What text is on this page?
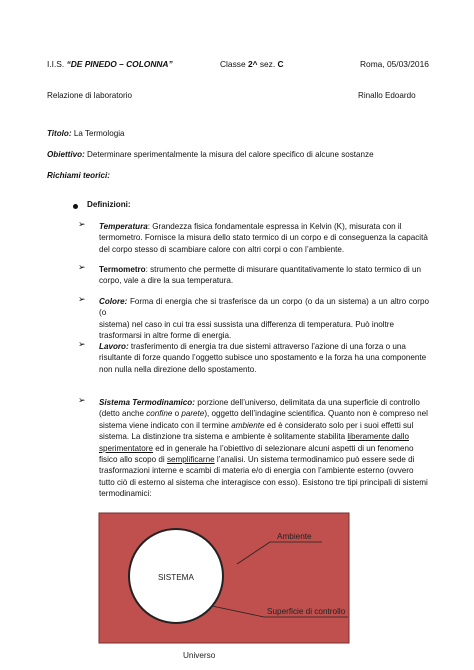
I.I.S. “DE PINEDO – COLONNA”	Classe 2^ sez. C	Roma, 05/03/2016
Relazione di laboratorio	Rinallo Edoardo
Titolo: La Termologia
Obiettivo: Determinare sperimentalmente la misura del calore specifico di alcune sostanze
Richiami teorici:
Definizioni:
➢ Temperatura: Grandezza fisica fondamentale espressa in Kelvin (K), misurata con il
termometro. Fornisce la misura dello stato termico di un corpo e di conseguenza la capacità
del corpo stesso di scambiare calore con altri corpi o con l’ambiente.
➢ Termometro: strumento che permette di misurare quantitativamente lo stato termico di un
corpo, vale a dire la sua temperatura.
➢ Colore: Forma di energia che si trasferisce da un corpo (o da un sistema) a un altro corpo (o
sistema) nel caso in cui tra essi sussista una differenza di temperatura. Può inoltre
trasformarsi in altre forme di energia.
➢ Lavoro: trasferimento di energia tra due sistemi attraverso l’azione di una forza o una
risultante di forze quando l’oggetto subisce uno spostamento e la forza ha una componente
non nulla nella direzione dello spostamento.
➢ Sistema Termodinamico: porzione dell’universo, delimitata da una superficie di controllo
(detto anche confine o parete), oggetto dell’indagine scientifica. Quanto non è compreso nel
sistema viene indicato con il termine ambiente ed è considerato solo per i suoi effetti sul
sistema. La distinzione tra sistema e ambiente è solitamente stabilita liberamente dallo
sperimentatore ed in generale ha l’obiettivo di selezionare alcuni aspetti di un fenomeno
fisico allo scopo di semplificarne l’analisi. Un sistema termodinamico può essere sede di
trasformazioni interne e scambi di materia e/o di energia con l’ambiente esterno (ovvero
tutto ciò di esterno al sistema che interagisce con esso). Esistono tre tipi principali di sistemi
termodinamici:
SISTEMA
Ambiente
Superficie di controllo
Universo
